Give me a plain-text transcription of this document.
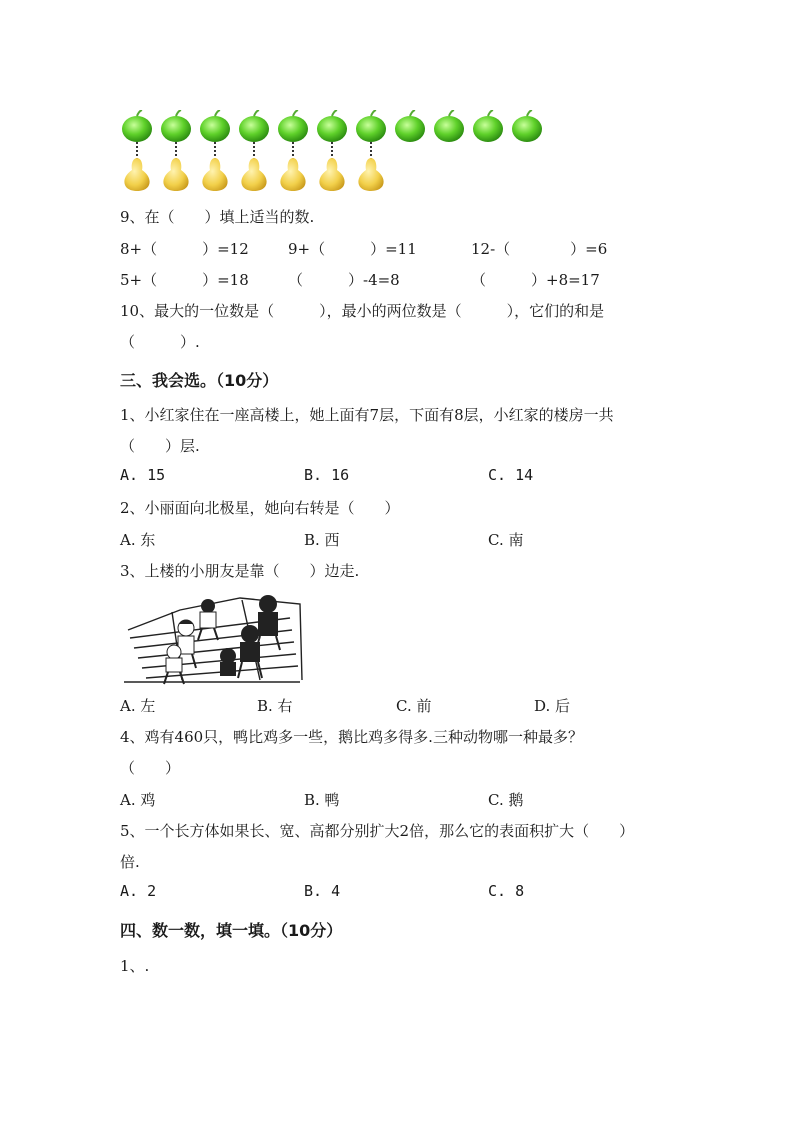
9、在（　　）填上适当的数.
8+（　　　）=12	9+（　　　）=11	12-（　　　　）=6
5+（　　　）=18	（　　　）-4=8	（　　　）+8=17
10、最大的一位数是（　　　），最小的两位数是（　　　），它们的和是
（　　　）.
三、我会选。（10分）
1、小红家住在一座高楼上，她上面有7层，下面有8层，小红家的楼房一共
（　　）层.
A. 15	B. 16	C. 14
2、小丽面向北极星，她向右转是（　　）
A. 东	B. 西	C. 南
3、上楼的小朋友是靠（　　）边走.
A. 左	B. 右	C. 前	D. 后
4、鸡有460只，鸭比鸡多一些，鹅比鸡多得多.三种动物哪一种最多？
（　　）
A. 鸡	B. 鸭	C. 鹅
5、一个长方体如果长、宽、高都分别扩大2倍，那么它的表面积扩大（　　）
倍.
A. 2	B. 4	C. 8
四、数一数，填一填。（10分）
1、.
